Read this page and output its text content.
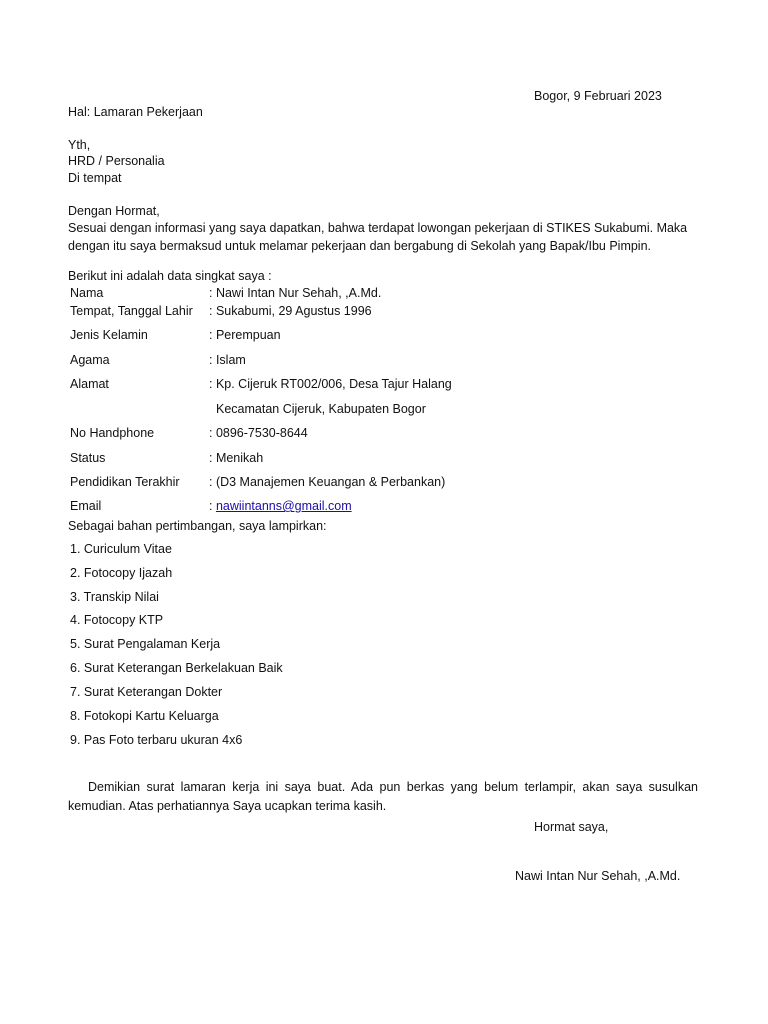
Bogor, 9 Februari 2023
Hal: Lamaran Pekerjaan
Yth,
HRD / Personalia
Di tempat
Dengan Hormat,
Sesuai dengan informasi yang saya dapatkan, bahwa terdapat lowongan pekerjaan di STIKES Sukabumi. Maka dengan itu saya bermaksud untuk melamar pekerjaan dan bergabung di Sekolah yang Bapak/Ibu Pimpin.
Berikut ini adalah data singkat saya :
Nama	: Nawi Intan Nur Sehah, ,A.Md.
Tempat, Tanggal Lahir : Sukabumi, 29 Agustus 1996
Jenis Kelamin	: Perempuan
Agama	: Islam
Alamat	: Kp. Cijeruk RT002/006, Desa Tajur Halang
Kecamatan Cijeruk, Kabupaten Bogor
No Handphone	: 0896-7530-8644
Status	: Menikah
Pendidikan Terakhir : (D3 Manajemen Keuangan & Perbankan)
Email	: nawiintanns@gmail.com
Sebagai bahan pertimbangan, saya lampirkan:
1. Curiculum Vitae
2. Fotocopy Ijazah
3. Transkip Nilai
4. Fotocopy KTP
5. Surat Pengalaman Kerja
6. Surat Keterangan Berkelakuan Baik
7. Surat Keterangan Dokter
8. Fotokopi Kartu Keluarga
9. Pas Foto terbaru ukuran 4x6
Demikian surat lamaran kerja ini saya buat. Ada pun berkas yang belum terlampir, akan saya susulkan kemudian. Atas perhatiannya Saya ucapkan terima kasih.
Hormat saya,
Nawi Intan Nur Sehah, ,A.Md.
